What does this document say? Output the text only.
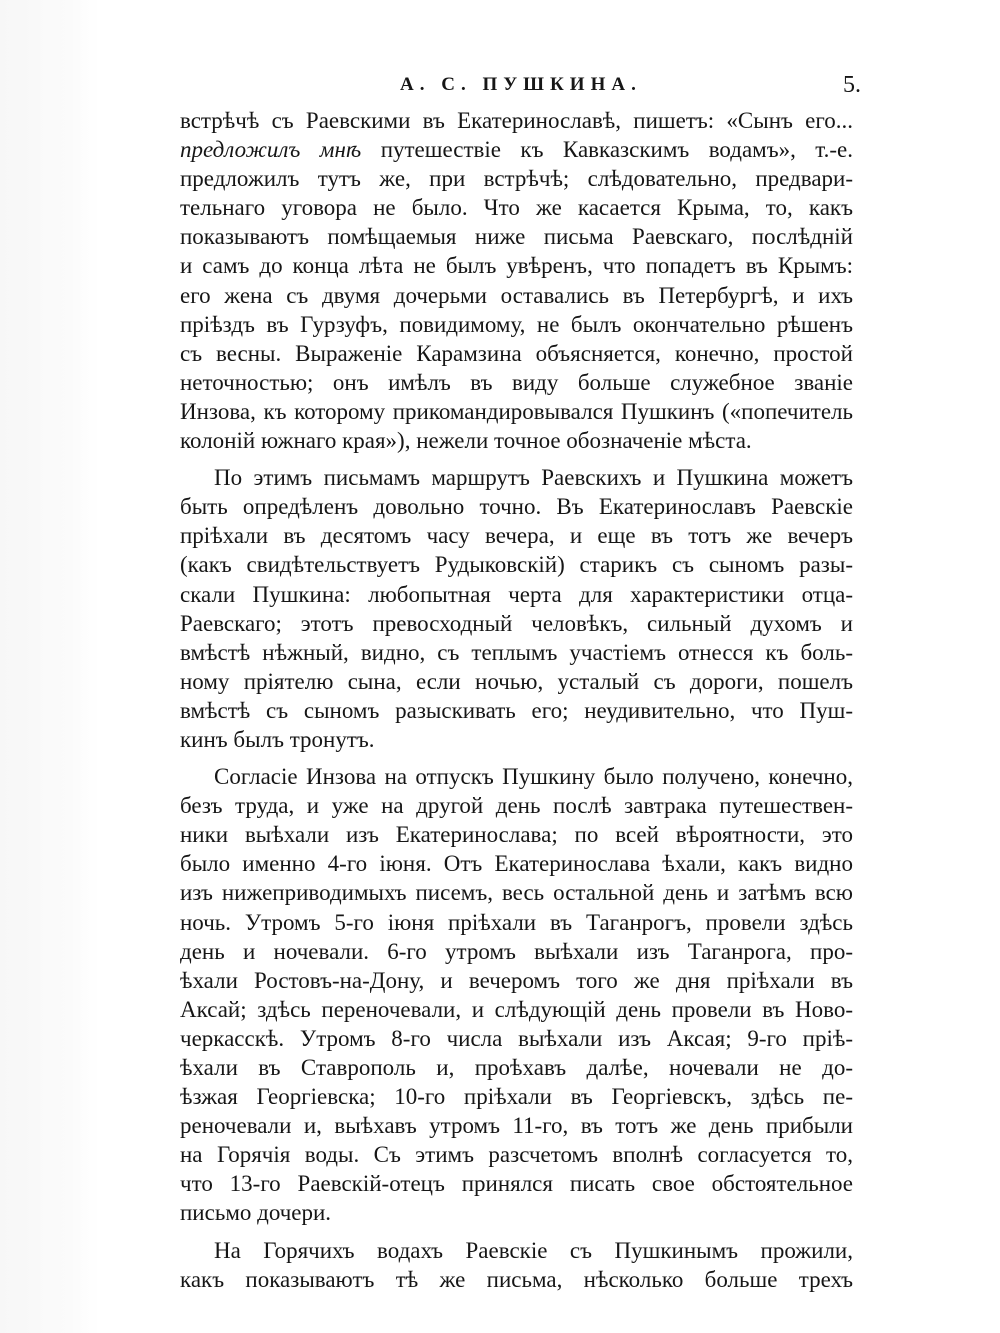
А. С. ПУШКИНА.	5.
встрѣчѣ съ Раевскими въ Екатеринославѣ, пишетъ: «Сынъ его...
предложилъ мнѣ путешествіе къ Кавказскимъ водамъ», т.-е.
предложилъ тутъ же, при встрѣчѣ; слѣдовательно, предвари-
тельнаго уговора не было. Что же касается Крыма, то, какъ
показываютъ помѣщаемыя ниже письма Раевскаго, послѣдній
и самъ до конца лѣта не былъ увѣренъ, что попадетъ въ Крымъ:
его жена съ двумя дочерьми оставались въ Петербургѣ, и ихъ
пріѣздъ въ Гурзуфъ, повидимому, не былъ окончательно рѣшенъ
съ весны. Выраженіе Карамзина объясняется, конечно, простой
неточностью; онъ имѣлъ въ виду больше служебное званіе
Инзова, къ которому прикомандировывался Пушкинъ («попечитель
колоній южнаго края»), нежели точное обозначеніе мѣста.
По этимъ письмамъ маршрутъ Раевскихъ и Пушкина можетъ
быть опредѣленъ довольно точно. Въ Екатеринославъ Раевскіе
пріѣхали въ десятомъ часу вечера, и еще въ тотъ же вечеръ
(какъ свидѣтельствуетъ Рудыковскій) старикъ съ сыномъ разы-
скали Пушкина: любопытная черта для характеристики отца-
Раевскаго; этотъ превосходный человѣкъ, сильный духомъ и
вмѣстѣ нѣжный, видно, съ теплымъ участіемъ отнесся къ боль-
ному пріятелю сына, если ночью, усталый съ дороги, пошелъ
вмѣстѣ съ сыномъ разыскивать его; неудивительно, что Пуш-
кинъ былъ тронутъ.
Согласіе Инзова на отпускъ Пушкину было получено, конечно,
безъ труда, и уже на другой день послѣ завтрака путешествен-
ники выѣхали изъ Екатеринослава; по всей вѣроятности, это
было именно 4-го іюня. Отъ Екатеринослава ѣхали, какъ видно
изъ нижеприводимыхъ писемъ, весь остальной день и затѣмъ всю
ночь. Утромъ 5-го іюня пріѣхали въ Таганрогъ, провели здѣсь
день и ночевали. 6-го утромъ выѣхали изъ Таганрога, про-
ѣхали Ростовъ-на-Дону, и вечеромъ того же дня пріѣхали въ
Аксай; здѣсь переночевали, и слѣдующій день провели въ Ново-
черкасскѣ. Утромъ 8-го числа выѣхали изъ Аксая; 9-го пріѣ-
ѣхали въ Ставрополь и, проѣхавъ далѣе, ночевали не до-
ѣзжая Георгіевска; 10-го пріѣхали въ Георгіевскъ, здѣсь пе-
реночевали и, выѣхавъ утромъ 11-го, въ тотъ же день прибыли
на Горячія воды. Съ этимъ разсчетомъ вполнѣ согласуется то,
что 13-го Раевскій-отецъ принялся писать свое обстоятельное
письмо дочери.
На Горячихъ водахъ Раевскіе съ Пушкинымъ прожили,
какъ показываютъ тѣ же письма, нѣсколько больше трехъ
